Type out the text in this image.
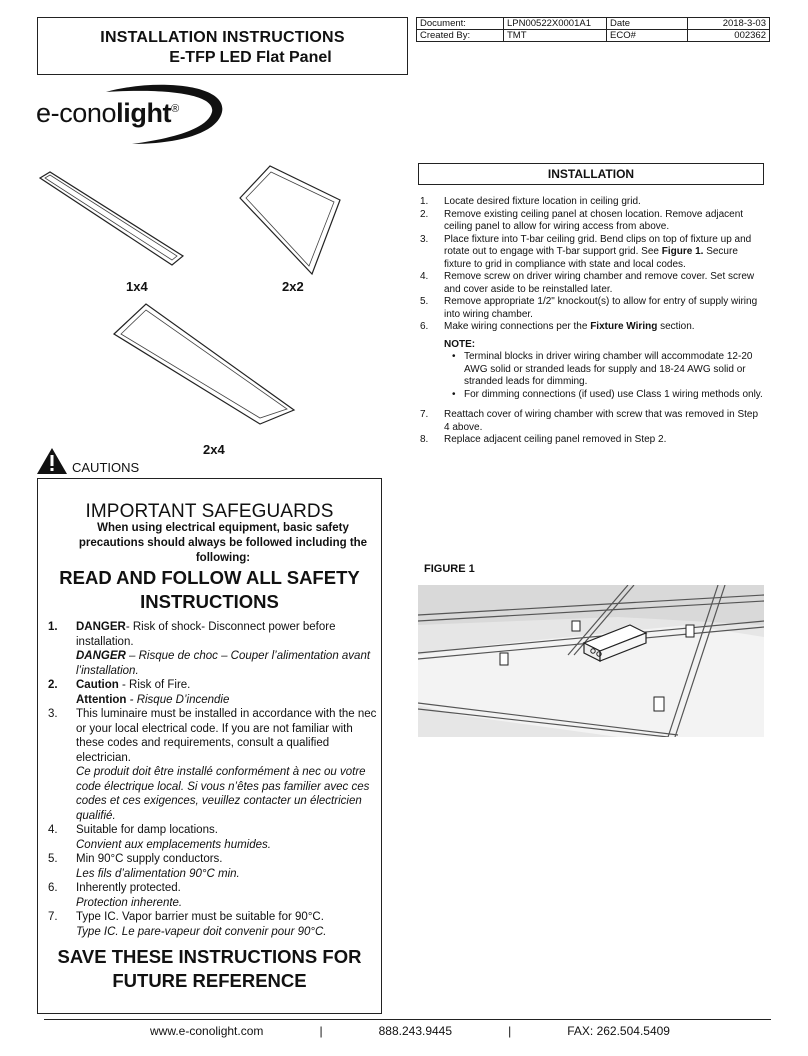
INSTALLATION INSTRUCTIONS
E-TFP LED Flat Panel
Document:	LPN00522X0001A1	Date	2018-3-03
Created By:	TMT	ECO#	002362
e-conolight®
1x4	2x2
2x4
CAUTIONS
IMPORTANT SAFEGUARDS
When using electrical equipment, basic safety precautions should always be followed including the following:
READ AND FOLLOW ALL SAFETY INSTRUCTIONS
1.	DANGER- Risk of shock- Disconnect power before installation.
DANGER – Risque de choc – Couper l’alimentation avant l’installation.
2.	Caution - Risk of Fire.
Attention - Risque D’incendie
3.	This luminaire must be installed in accordance with the nec or your local electrical code. If you are not familiar with these codes and requirements, consult a qualified electrician.
Ce produit doit être installé conformément à nec ou votre code électrique local. Si vous n’êtes pas familier avec ces codes et ces exigences, veuillez contacter un électricien qualifié.
4.	Suitable for damp locations.
Convient aux emplacements humides.
5.	Min 90°C supply conductors.
Les fils d’alimentation 90°C min.
6.	Inherently protected.
Protection inherente.
7.	Type IC. Vapor barrier must be suitable for 90°C.
Type IC. Le pare-vapeur doit convenir pour 90°C.
SAVE THESE INSTRUCTIONS FOR FUTURE REFERENCE
INSTALLATION
1.	Locate desired fixture location in ceiling grid.
2.	Remove existing ceiling panel at chosen location. Remove adjacent ceiling panel to allow for wiring access from above.
3.	Place fixture into T-bar ceiling grid. Bend clips on top of fixture up and rotate out to engage with T-bar support grid. See Figure 1. Secure fixture to grid in compliance with state and local codes.
4.	Remove screw on driver wiring chamber and remove cover. Set screw and cover aside to be reinstalled later.
5.	Remove appropriate 1/2" knockout(s) to allow for entry of supply wiring into wiring chamber.
6.	Make wiring connections per the Fixture Wiring section.
NOTE:
• Terminal blocks in driver wiring chamber will accommodate 12-20 AWG solid or stranded leads for supply and 18-24 AWG solid or stranded leads for dimming.
• For dimming connections (if used) use Class 1 wiring methods only.
7.	Reattach cover of wiring chamber with screw that was removed in Step 4 above.
8.	Replace adjacent ceiling panel removed in Step 2.
FIGURE 1
www.e-conolight.com	|	888.243.9445	|	FAX: 262.504.5409
